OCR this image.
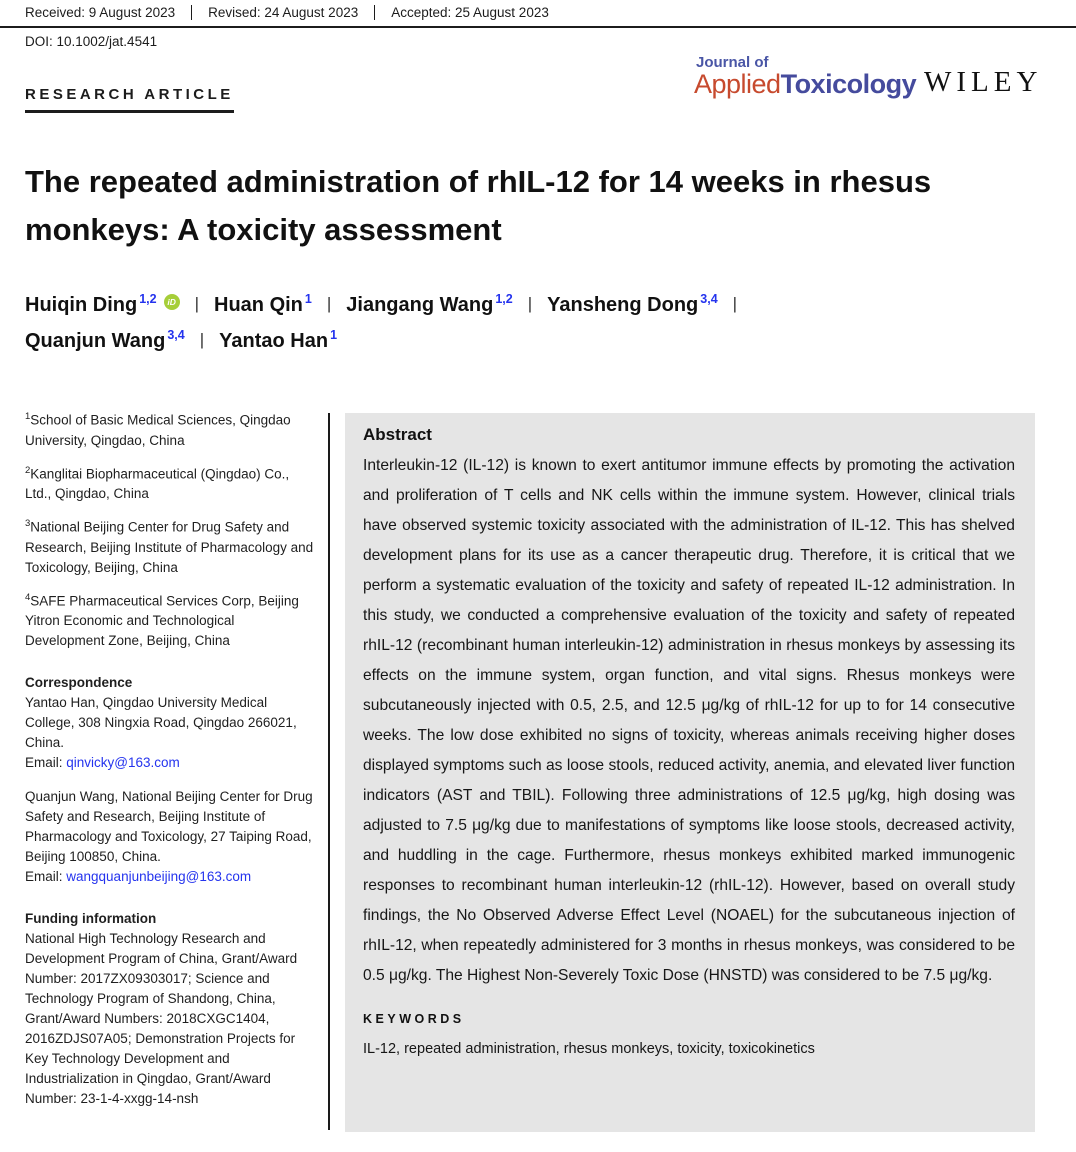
Received: 9 August 2023	Revised: 24 August 2023	Accepted: 25 August 2023
DOI: 10.1002/jat.4541
RESEARCH ARTICLE
Journal of
AppliedToxicology WILEY
The repeated administration of rhIL-12 for 14 weeks in rhesus
monkeys: A toxicity assessment
Huiqin Ding 1,2	iD | Huan Qin 1 | Jiangang Wang 1,2 | Yansheng Dong 3,4 |
Quanjun Wang 3,4 | Yantao Han 1

$^1$School of Basic Medical Sciences, Qingdao University, Qingdao, China

$^2$Kanglitai Biopharmaceutical (Qingdao) Co., Ltd., Qingdao, China

$^3$National Beijing Center for Drug Safety and Research, Beijing Institute of Pharmacology and Toxicology, Beijing, China

$^4$SAFE Pharmaceutical Services Corp, Beijing Yitron Economic and Technological Development Zone, Beijing, China

Correspondence

Yantao Han, Qingdao University Medical College, 308 Ningxia Road, Qingdao 266021, China.
Email: qinvicky@163.com

Quanjun Wang, National Beijing Center for Drug Safety and Research, Beijing Institute of Pharmacology and Toxicology, 27 Taiping Road, Beijing 100850, China.
Email: wangquanjunbeijing@163.com

Funding information

National High Technology Research and Development Program of China, Grant/Award Number: 2017ZX09303017; Science and Technology Program of Shandong, China, Grant/Award Numbers: 2018CXGC1404, 2016ZDJS07A05; Demonstration Projects for Key Technology Development and Industrialization in Qingdao, Grant/Award Number: 23-1-4-xxgg-14-nsh

Abstract

Interleukin-12 (IL-12) is known to exert antitumor immune effects by promoting the activation and proliferation of T cells and NK cells within the immune system. However, clinical trials have observed systemic toxicity associated with the administration of IL-12. This has shelved development plans for its use as a cancer therapeutic drug. Therefore, it is critical that we perform a systematic evaluation of the toxicity and safety of repeated IL-12 administration. In this study, we conducted a comprehensive evaluation of the toxicity and safety of repeated rhIL-12 (recombinant human interleukin-12) administration in rhesus monkeys by assessing its effects on the immune system, organ function, and vital signs. Rhesus monkeys were subcutaneously injected with 0.5, 2.5, and 12.5 μg/kg of rhIL-12 for up to for 14 consecutive weeks. The low dose exhibited no signs of toxicity, whereas animals receiving higher doses displayed symptoms such as loose stools, reduced activity, anemia, and elevated liver function indicators (AST and TBIL). Following three administrations of 12.5 μg/kg, high dosing was adjusted to 7.5 μg/kg due to manifestations of symptoms like loose stools, decreased activity, and huddling in the cage. Furthermore, rhesus monkeys exhibited marked immunogenic responses to recombinant human interleukin-12 (rhIL-12). However, based on overall study findings, the No Observed Adverse Effect Level (NOAEL) for the subcutaneous injection of rhIL-12, when repeatedly administered for 3 months in rhesus monkeys, was considered to be 0.5 μg/kg. The Highest Non-Severely Toxic Dose (HNSTD) was considered to be 7.5 μg/kg.

KEYWORDS

IL-12, repeated administration, rhesus monkeys, toxicity, toxicokinetics
